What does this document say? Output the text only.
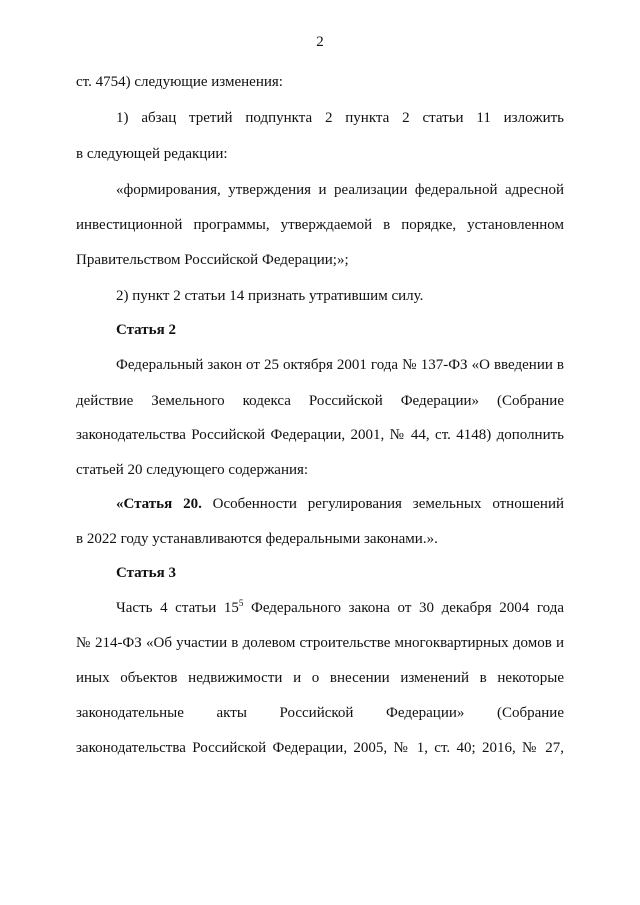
2
ст. 4754) следующие изменения:
1) абзац третий подпункта 2 пункта 2 статьи 11 изложить
в следующей редакции:
«формирования, утверждения и реализации федеральной адресной
инвестиционной программы, утверждаемой в порядке, установленном
Правительством Российской Федерации;»;
2) пункт 2 статьи 14 признать утратившим силу.
Статья 2
Федеральный закон от 25 октября 2001 года № 137-ФЗ «О введении в
действие Земельного кодекса Российской Федерации» (Собрание
законодательства Российской Федерации, 2001, № 44, ст. 4148) дополнить
статьей 20 следующего содержания:
«Статья 20. Особенности регулирования земельных отношений
в 2022 году устанавливаются федеральными законами.».
Статья 3
Часть 4 статьи $15^5$ Федерального закона от 30 декабря 2004 года
№ 214-ФЗ «Об участии в долевом строительстве многоквартирных домов и
иных объектов недвижимости и о внесении изменений в некоторые
законодательные акты Российской Федерации» (Собрание
законодательства Российской Федерации, 2005, № 1, ст. 40; 2016, № 27,
